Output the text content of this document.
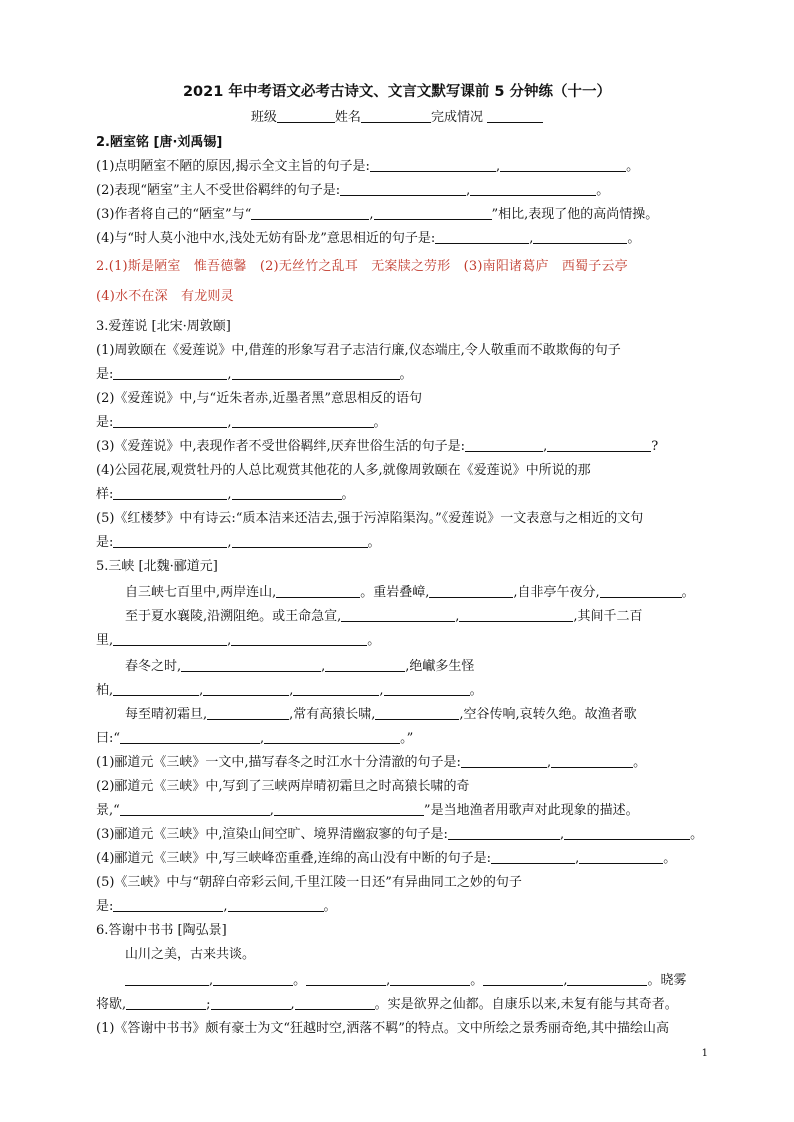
2021 年中考语文必考古诗文、文言文默写课前 5 分钟练（十一）
班级	姓名	完成情况
2.陋室铭 [唐·刘禹锡]
(1)点明陋室不陋的原因,揭示全文主旨的句子是:	,	。
(2)表现“陋室”主人不受世俗羁绊的句子是:	,	。
(3)作者将自己的“陋室”与“	,	”相比,表现了他的高尚情操。
(4)与“时人莫小池中水,浅处无妨有卧龙”意思相近的句子是:	,	。
2.(1)斯是陋室　惟吾德馨　(2)无丝竹之乱耳　无案牍之劳形　(3)南阳诸葛庐　西蜀子云亭
(4)水不在深　有龙则灵
3.爱莲说 [北宋·周敦颐]
(1)周敦颐在《爱莲说》中,借莲的形象写君子志洁行廉,仪态端庄,令人敬重而不敢欺侮的句子
是:	,	。
(2)《爱莲说》中,与“近朱者赤,近墨者黑”意思相反的语句
是:	,	。
(3)《爱莲说》中,表现作者不受世俗羁绊,厌弃世俗生活的句子是:	,	?
(4)公园花展,观赏牡丹的人总比观赏其他花的人多,就像周敦颐在《爱莲说》中所说的那
样:	,	。
(5)《红楼梦》中有诗云:“质本洁来还洁去,强于污淖陷渠沟。”《爱莲说》一文表意与之相近的文句
是:	,	。
5.三峡 [北魏·郦道元]
自三峡七百里中,两岸连山,	。重岩叠嶂,	,自非亭午夜分,	。
至于夏水襄陵,沿溯阻绝。或王命急宣,	,	,其间千二百
里,	,	。
春冬之时,	,	,绝𪩘多生怪
柏,	,	,	,	。
每至晴初霜旦,	,常有高猿长啸,	,空谷传响,哀转久绝。故渔者歌
曰:“	,	。”
(1)郦道元《三峡》一文中,描写春冬之时江水十分清澈的句子是:	,	。
(2)郦道元《三峡》中,写到了三峡两岸晴初霜旦之时高猿长啸的奇
景,“	,	”是当地渔者用歌声对此现象的描述。
(3)郦道元《三峡》中,渲染山间空旷、境界清幽寂寥的句子是:	,	。
(4)郦道元《三峡》中,写三峡峰峦重叠,连绵的高山没有中断的句子是:	,	。
(5)《三峡》中与“朝辞白帝彩云间,千里江陵一日还”有异曲同工之妙的句子
是:	,	。
6.答谢中书书 [陶弘景]
山川之美，古来共谈。
,	。	,	。	,	。晓雾
将歇,	;	,	。实是欲界之仙都。自康乐以来,未复有能与其奇者。
(1)《答谢中书书》颇有豪士为文“狂越时空,洒落不羁”的特点。文中所绘之景秀丽奇绝,其中描绘山高
1
